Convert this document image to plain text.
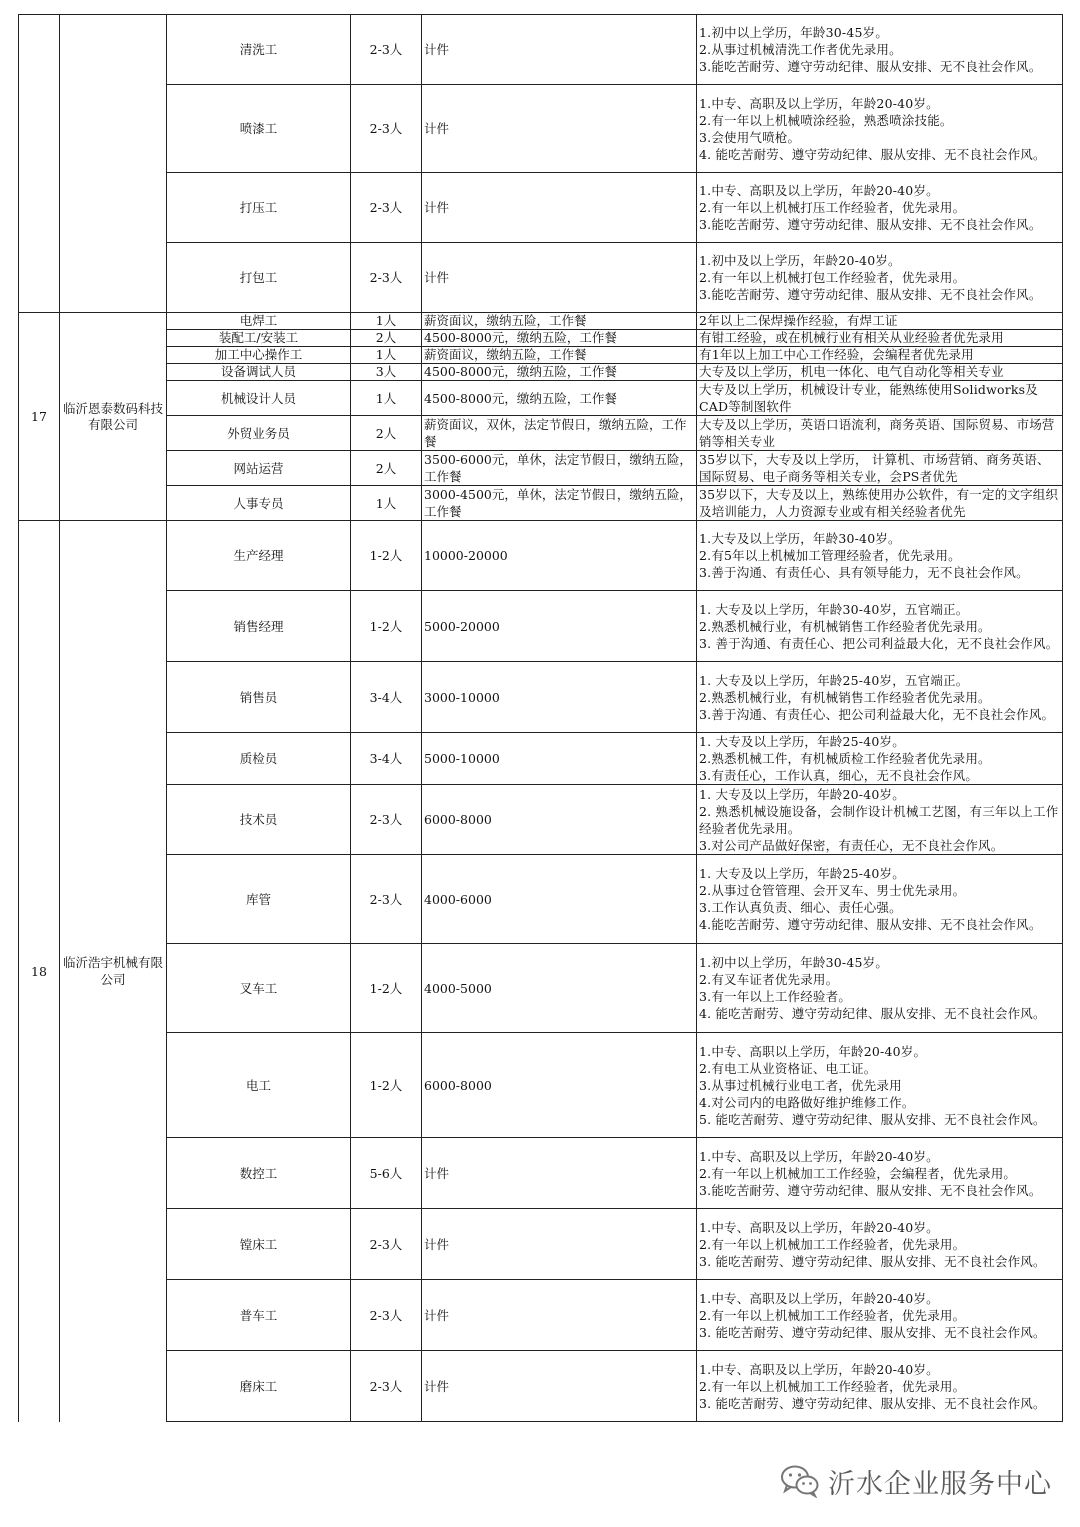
		清洗工	2-3人	计件	1.初中以上学历，年龄30-45岁。
2.从事过机械清洗工作者优先录用。
3.能吃苦耐劳、遵守劳动纪律、服从安排、无不良社会作风。
		喷漆工	2-3人	计件	1.中专、高职及以上学历，年龄20-40岁。
2.有一年以上机械喷涂经验，熟悉喷涂技能。
3.会使用气喷枪。
4. 能吃苦耐劳、遵守劳动纪律、服从安排、无不良社会作风。
		打压工	2-3人	计件	1.中专、高职及以上学历，年龄20-40岁。
2.有一年以上机械打压工作经验者，优先录用。
3.能吃苦耐劳、遵守劳动纪律、服从安排、无不良社会作风。
		打包工	2-3人	计件	1.初中及以上学历，年龄20-40岁。
2.有一年以上机械打包工作经验者，优先录用。
3.能吃苦耐劳、遵守劳动纪律、服从安排、无不良社会作风。
17	临沂恩泰数码科技有限公司	电焊工	1人	薪资面议，缴纳五险，工作餐	2年以上二保焊操作经验，有焊工证
		装配工/安装工	2人	4500-8000元，缴纳五险，工作餐	有钳工经验，或在机械行业有相关从业经验者优先录用
		加工中心操作工	1人	薪资面议，缴纳五险，工作餐	有1年以上加工中心工作经验，会编程者优先录用
		设备调试人员	3人	4500-8000元，缴纳五险，工作餐	大专及以上学历，机电一体化、电气自动化等相关专业
		机械设计人员	1人	4500-8000元，缴纳五险，工作餐	大专及以上学历，机械设计专业，能熟练使用Solidworks及CAD等制图软件
		外贸业务员	2人	薪资面议，双休，法定节假日，缴纳五险，工作餐	大专及以上学历，英语口语流利，商务英语、国际贸易、市场营销等相关专业
		网站运营	2人	3500-6000元，单休，法定节假日，缴纳五险，工作餐	35岁以下，大专及以上学历， 计算机、市场营销、商务英语、国际贸易、电子商务等相关专业，会PS者优先
		人事专员	1人	3000-4500元，单休，法定节假日，缴纳五险，工作餐	35岁以下，大专及以上，熟练使用办公软件，有一定的文字组织及培训能力，人力资源专业或有相关经验者优先
18	临沂浩宇机械有限公司	生产经理	1-2人	10000-20000	1.大专及以上学历，年龄30-40岁。
2.有5年以上机械加工管理经验者，优先录用。
3.善于沟通、有责任心、具有领导能力，无不良社会作风。
		销售经理	1-2人	5000-20000	1. 大专及以上学历，年龄30-40岁，五官端正。
2.熟悉机械行业，有机械销售工作经验者优先录用。
3. 善于沟通、有责任心、把公司利益最大化，无不良社会作风。
		销售员	3-4人	3000-10000	1. 大专及以上学历，年龄25-40岁，五官端正。
2.熟悉机械行业，有机械销售工作经验者优先录用。
3.善于沟通、有责任心、把公司利益最大化，无不良社会作风。
		质检员	3-4人	5000-10000	1. 大专及以上学历，年龄25-40岁。
2.熟悉机械工件，有机械质检工作经验者优先录用。
3.有责任心，工作认真，细心，无不良社会作风。
		技术员	2-3人	6000-8000	1. 大专及以上学历，年龄20-40岁。
2. 熟悉机械设施设备，会制作设计机械工艺图，有三年以上工作经验者优先录用。
3.对公司产品做好保密，有责任心，无不良社会作风。
		库管	2-3人	4000-6000	1. 大专及以上学历，年龄25-40岁。
2.从事过仓管管理、会开叉车、男士优先录用。
3.工作认真负责、细心、责任心强。
4.能吃苦耐劳、遵守劳动纪律、服从安排、无不良社会作风。
		叉车工	1-2人	4000-5000	1.初中以上学历，年龄30-45岁。
2.有叉车证者优先录用。
3.有一年以上工作经验者。
4. 能吃苦耐劳、遵守劳动纪律、服从安排、无不良社会作风。
		电工	1-2人	6000-8000	1.中专、高职以上学历，年龄20-40岁。
2.有电工从业资格证、电工证。
3.从事过机械行业电工者，优先录用
4.对公司内的电路做好维护维修工作。
5. 能吃苦耐劳、遵守劳动纪律、服从安排、无不良社会作风。
		数控工	5-6人	计件	1.中专、高职及以上学历，年龄20-40岁。
2.有一年以上机械加工工作经验，会编程者，优先录用。
3.能吃苦耐劳、遵守劳动纪律、服从安排、无不良社会作风。
		镗床工	2-3人	计件	1.中专、高职及以上学历，年龄20-40岁。
2.有一年以上机械加工工作经验者，优先录用。
3. 能吃苦耐劳、遵守劳动纪律、服从安排、无不良社会作风。
		普车工	2-3人	计件	1.中专、高职及以上学历，年龄20-40岁。
2.有一年以上机械加工工作经验者，优先录用。
3. 能吃苦耐劳、遵守劳动纪律、服从安排、无不良社会作风。
		磨床工	2-3人	计件	1.中专、高职及以上学历，年龄20-40岁。
2.有一年以上机械加工工作经验者，优先录用。
3. 能吃苦耐劳、遵守劳动纪律、服从安排、无不良社会作风。
沂水企业服务中心
